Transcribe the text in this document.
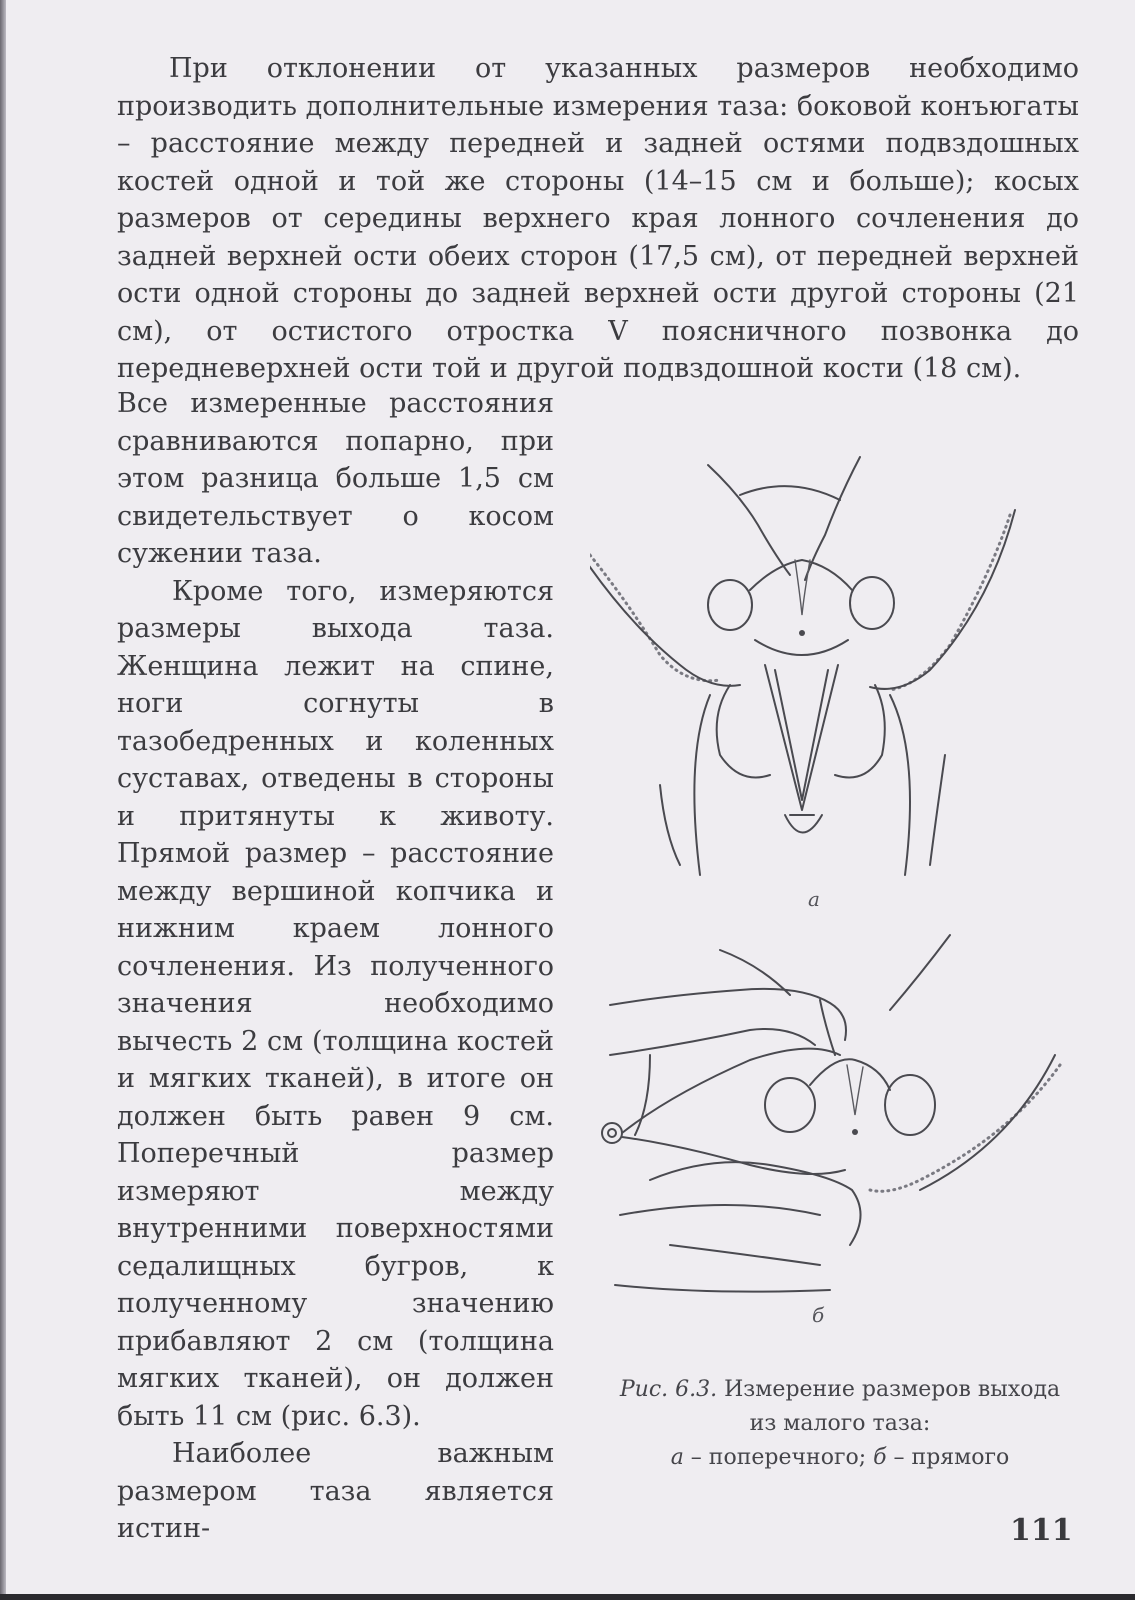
При отклонении от указанных размеров необходимо производить дополнительные измерения таза: боковой конъюгаты – расстояние между передней и задней остями подвздошных костей одной и той же стороны (14–15 см и больше); косых размеров от середины верхнего края лонного сочленения до задней верхней ости обеих сторон (17,5 см), от передней верхней ости одной стороны до задней верхней ости другой стороны (21 см), от остистого отростка V поясничного позвонка до передневерхней ости той и другой подвздошной кости (18 см).

Все измеренные расстояния сравниваются попарно, при этом разница больше 1,5 см свидетельствует о косом сужении таза.

Кроме того, измеряются размеры выхода таза. Женщина лежит на спине, ноги согнуты в тазобедренных и коленных суставах, отведены в стороны и притянуты к животу. Прямой размер – расстояние между вершиной копчика и нижним краем лонного сочленения. Из полученного значения необходимо вычесть 2 см (толщина костей и мягких тканей), в итоге он должен быть равен 9 см. Поперечный размер измеряют между внутренними поверхностями седалищных бугров, к полученному значению прибавляют 2 см (толщина мягких тканей), он должен быть 11 см (рис. 6.3).

Наиболее важным размером таза является истин-

а
б
Рис. 6.3. Измерение размеров выхода
из малого таза:
а – поперечного; б – прямого
111
